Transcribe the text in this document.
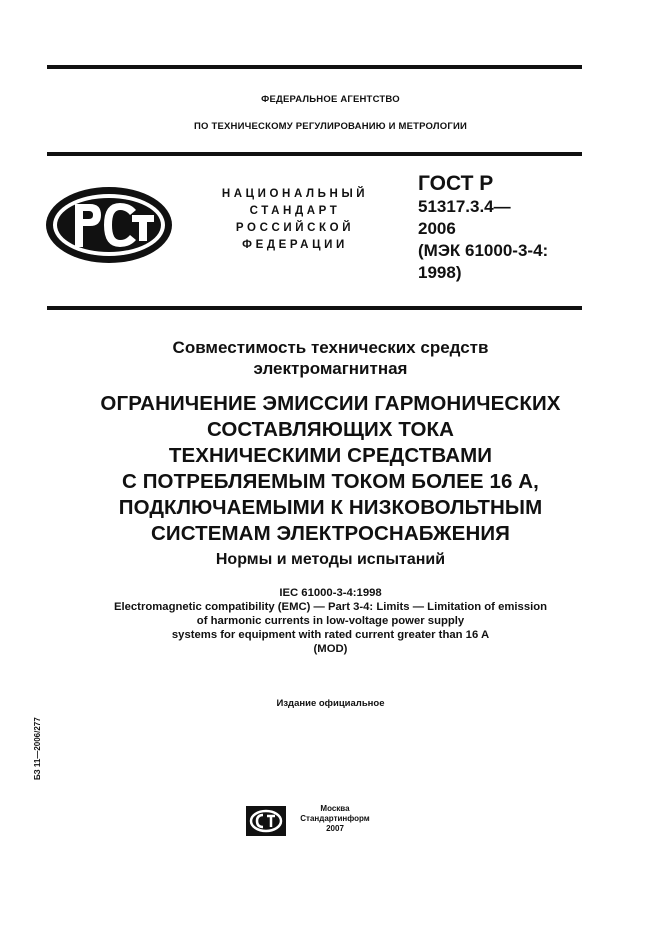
ФЕДЕРАЛЬНОЕ АГЕНТСТВО
ПО ТЕХНИЧЕСКОМУ РЕГУЛИРОВАНИЮ И МЕТРОЛОГИИ
НАЦИОНАЛЬНЫЙ
СТАНДАРТ
РОССИЙСКОЙ
ФЕДЕРАЦИИ
ГОСТ Р
51317.3.4—
2006
(МЭК 61000-3-4:
1998)
Совместимость технических средств
электромагнитная
ОГРАНИЧЕНИЕ ЭМИССИИ ГАРМОНИЧЕСКИХ
СОСТАВЛЯЮЩИХ ТОКА
ТЕХНИЧЕСКИМИ СРЕДСТВАМИ
С ПОТРЕБЛЯЕМЫМ ТОКОМ БОЛЕЕ 16 А,
ПОДКЛЮЧАЕМЫМИ К НИЗКОВОЛЬТНЫМ
СИСТЕМАМ ЭЛЕКТРОСНАБЖЕНИЯ
Нормы и методы испытаний
IEC 61000-3-4:1998
Electromagnetic compatibility (EMC) — Part 3-4: Limits — Limitation of emission
of harmonic currents in low-voltage power supply
systems for equipment with rated current greater than 16 A
(MOD)
Издание официальное
БЗ 11—2006/277
Москва
Стандартинформ
2007
